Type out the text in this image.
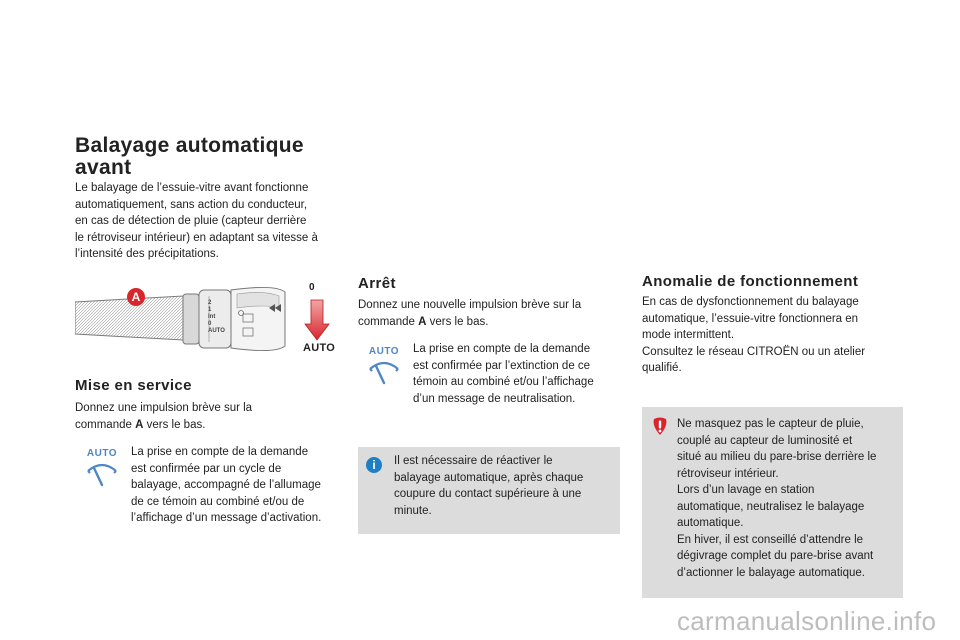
Balayage automatique
avant
Le balayage de l’essuie-vitre avant fonctionne
automatiquement, sans action du conducteur,
en cas de détection de pluie (capteur derrière
le rétroviseur intérieur) en adaptant sa vitesse à
l’intensité des précipitations.
A	2
1
Int
0
AUTO
0
AUTO
Mise en service
Donnez une impulsion brève sur la
commande A vers le bas.
AUTO	La prise en compte de la demande
est confirmée par un cycle de
balayage, accompagné de l’allumage
de ce témoin au combiné et/ou de
l’affichage d’un message d’activation.
Arrêt
Donnez une nouvelle impulsion brève sur la
commande A vers le bas.
AUTO	La prise en compte de la demande
est confirmée par l’extinction de ce
témoin au combiné et/ou l’affichage
d’un message de neutralisation.
i	Il est nécessaire de réactiver le
balayage automatique, après chaque
coupure du contact supérieure à une
minute.
Anomalie de fonctionnement
En cas de dysfonctionnement du balayage
automatique, l’essuie-vitre fonctionnera en
mode intermittent.
Consultez le réseau CITROËN ou un atelier
qualifié.
Ne masquez pas le capteur de pluie,
couplé au capteur de luminosité et
situé au milieu du pare-brise derrière le
rétroviseur intérieur.
Lors d’un lavage en station
automatique, neutralisez le balayage
automatique.
En hiver, il est conseillé d’attendre le
dégivrage complet du pare-brise avant
d’actionner le balayage automatique.
carmanualsonline.info
